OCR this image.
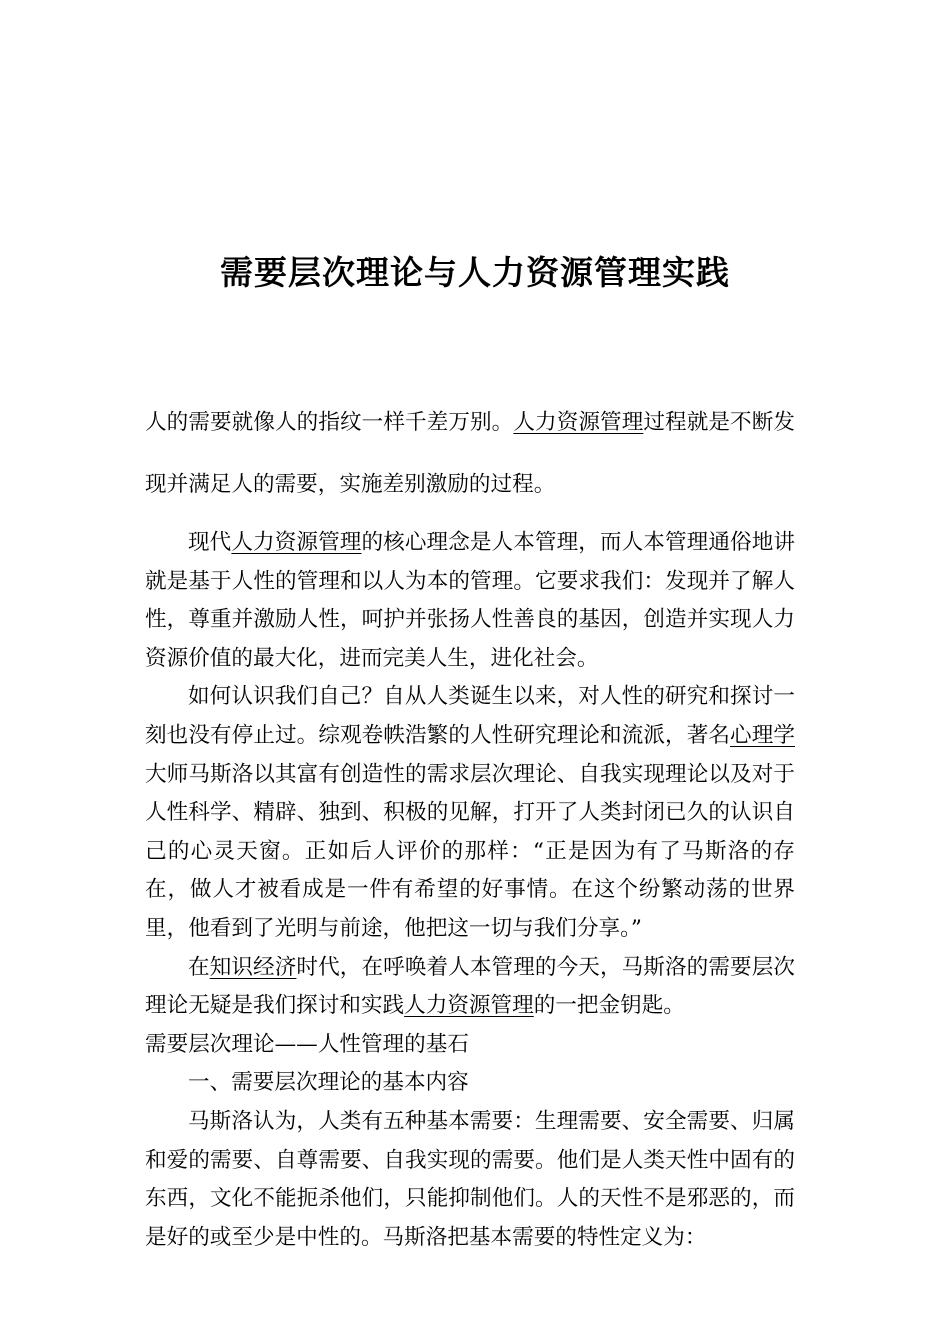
需要层次理论与人力资源管理实践

人的需要就像人的指纹一样千差万别。人力资源管理过程就是不断发现并满足人的需要，实施差别激励的过程。

现代人力资源管理的核心理念是人本管理，而人本管理通俗地讲就是基于人性的管理和以人为本的管理。它要求我们：发现并了解人性，尊重并激励人性，呵护并张扬人性善良的基因，创造并实现人力资源价值的最大化，进而完美人生，进化社会。

如何认识我们自己？自从人类诞生以来，对人性的研究和探讨一刻也没有停止过。综观卷帙浩繁的人性研究理论和流派，著名心理学大师马斯洛以其富有创造性的需求层次理论、自我实现理论以及对于人性科学、精辟、独到、积极的见解，打开了人类封闭已久的认识自己的心灵天窗。正如后人评价的那样：“正是因为有了马斯洛的存在，做人才被看成是一件有希望的好事情。在这个纷繁动荡的世界里，他看到了光明与前途，他把这一切与我们分享。”

在知识经济时代，在呼唤着人本管理的今天，马斯洛的需要层次理论无疑是我们探讨和实践人力资源管理的一把金钥匙。

需要层次理论——人性管理的基石

一、需要层次理论的基本内容

马斯洛认为，人类有五种基本需要：生理需要、安全需要、归属和爱的需要、自尊需要、自我实现的需要。他们是人类天性中固有的东西，文化不能扼杀他们，只能抑制他们。人的天性不是邪恶的，而是好的或至少是中性的。马斯洛把基本需要的特性定义为：
